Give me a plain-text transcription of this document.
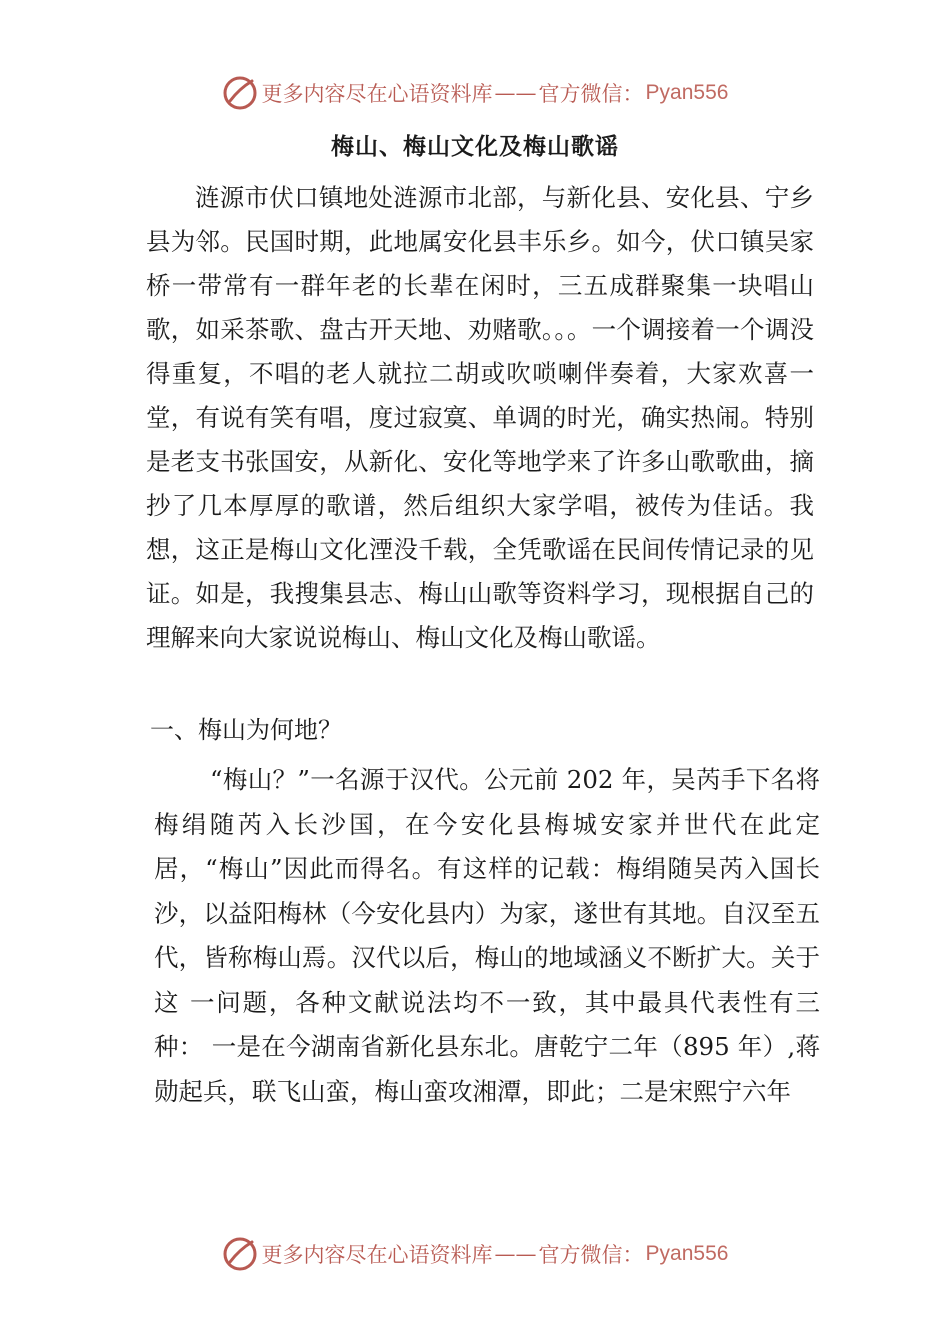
更多内容尽在心语资料库 —— 官方微信： Pyan556
梅山、梅山文化及梅山歌谣
涟源市伏口镇地处涟源市北部，与新化县、安化县、宁乡县为邻。民国时期，此地属安化县丰乐乡。如今，伏口镇吴家桥一带常有一群年老的长辈在闲时，三五成群聚集一块唱山歌，如采茶歌、盘古开天地、劝赌歌。。。一个调接着一个调没得重复，不唱的老人就拉二胡或吹唢喇伴奏着，大家欢喜一堂，有说有笑有唱，度过寂寞、单调的时光，确实热闹。特别是老支书张国安，从新化、安化等地学来了许多山歌歌曲，摘抄了几本厚厚的歌谱，然后组织大家学唱，被传为佳话。我想，这正是梅山文化湮没千载，全凭歌谣在民间传情记录的见证。如是，我搜集县志、梅山山歌等资料学习，现根据自己的理解来向大家说说梅山、梅山文化及梅山歌谣。
一、梅山为何地？
“梅山？”一名源于汉代。公元前 202 年，吴芮手下名将梅绢随芮入长沙国，在今安化县梅城安家并世代在此定居，“梅山”因此而得名。有这样的记载：梅绢随吴芮入国长沙，以益阳梅林（今安化县内）为家，遂世有其地。自汉至五代，皆称梅山焉。汉代以后，梅山的地域涵义不断扩大。关于这 一问题，各种文献说法均不一致，其中最具代表性有三种： 一是在今湖南省新化县东北。唐乾宁二年（895 年）,蒋勋起兵，联飞山蛮，梅山蛮攻湘潭，即此；二是宋熙宁六年
更多内容尽在心语资料库 —— 官方微信： Pyan556
